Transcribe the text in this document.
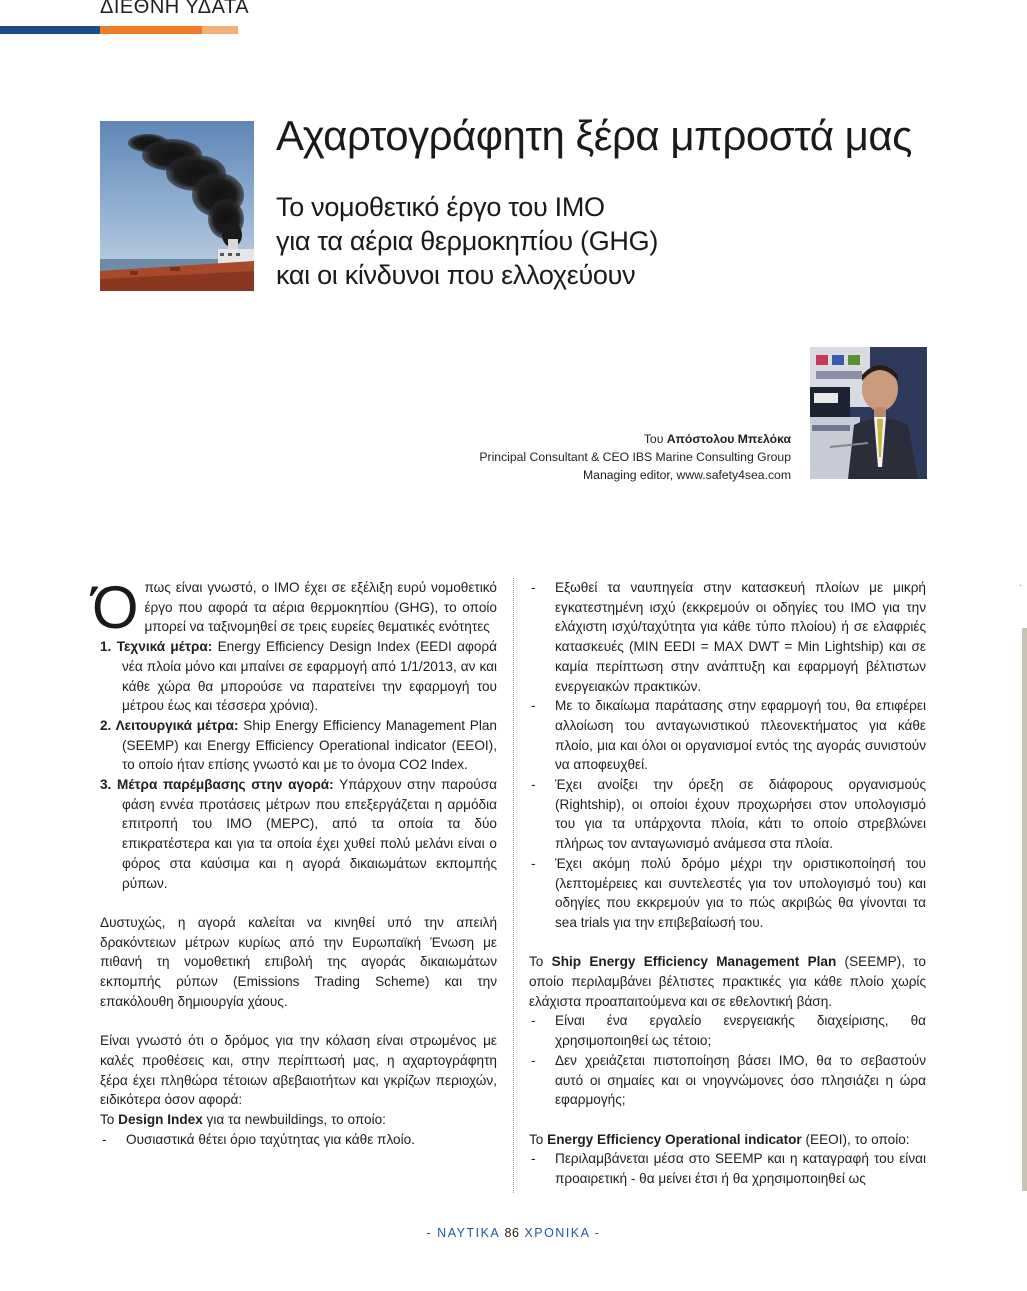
ΔΙΕΘΝΗ ΥΔΑΤΑ
Αχαρτογράφητη ξέρα μπροστά μας
Το νομοθετικό έργο του ΙΜΟ
για τα αέρια θερμοκηπίου (GHG)
και οι κίνδυνοι που ελλοχεύουν
Του Απόστολου Μπελόκα
Principal Consultant & CEO IBS Marine Consulting Group
Managing editor, www.safety4sea.com

Όπως είναι γνωστό, ο ΙΜΟ έχει σε εξέλιξη ευρύ νομοθετικό έργο που αφορά τα αέρια θερμοκηπίου (GHG), το οποίο μπορεί να ταξινομηθεί σε τρεις ευρείες θεματικές ενότητες

1. Τεχνικά μέτρα: Energy Efficiency Design Index (EEDI αφορά νέα πλοία μόνο και μπαίνει σε εφαρμογή από 1/1/2013, αν και κάθε χώρα θα μπορούσε να παρατείνει την εφαρμογή του μέτρου έως και τέσσερα χρόνια).
2. Λειτουργικά μέτρα: Ship Energy Efficiency Management Plan (SEEMP) και Energy Efficiency Operational indicator (EEOI), το οποίο ήταν επίσης γνωστό και με το όνομα CO2 Index.
3. Μέτρα παρέμβασης στην αγορά: Υπάρχουν στην παρούσα φάση εννέα προτάσεις μέτρων που επεξεργάζεται η αρμόδια επιτροπή του ΙΜΟ (MEPC), από τα οποία τα δύο επικρατέστερα και για τα οποία έχει χυθεί πολύ μελάνι είναι ο φόρος στα καύσιμα και η αγορά δικαιωμάτων εκπομπής ρύπων.

Δυστυχώς, η αγορά καλείται να κινηθεί υπό την απειλή δρακόντειων μέτρων κυρίως από την Ευρωπαϊκή Ένωση με πιθανή τη νομοθετική επιβολή της αγοράς δικαιωμάτων εκπομπής ρύπων (Emissions Trading Scheme) και την επακόλουθη δημιουργία χάους.

Είναι γνωστό ότι ο δρόμος για την κόλαση είναι στρωμένος με καλές προθέσεις και, στην περίπτωσή μας, η αχαρτογράφητη ξέρα έχει πληθώρα τέτοιων αβεβαιοτήτων και γκρίζων περιοχών, ειδικότερα όσον αφορά:

Το Design Index για τα newbuildings, το οποίο:

- Ουσιαστικά θέτει όριο ταχύτητας για κάθε πλοίο.
- Εξωθεί τα ναυπηγεία στην κατασκευή πλοίων με μικρή εγκατεστημένη ισχύ (εκκρεμούν οι οδηγίες του ΙΜΟ για την ελάχιστη ισχύ/ταχύτητα για κάθε τύπο πλοίου) ή σε ελαφριές κατασκευές (MIN EEDI = MAX DWT = Min Lightship) και σε καμία περίπτωση στην ανάπτυξη και εφαρμογή βέλτιστων ενεργειακών πρακτικών.
- Με το δικαίωμα παράτασης στην εφαρμογή του, θα επιφέρει αλλοίωση του ανταγωνιστικού πλεονεκτήματος για κάθε πλοίο, μια και όλοι οι οργανισμοί εντός της αγοράς συνιστούν να αποφευχθεί.
- Έχει ανοίξει την όρεξη σε διάφορους οργανισμούς (Rightship), οι οποίοι έχουν προχωρήσει στον υπολογισμό του για τα υπάρχοντα πλοία, κάτι το οποίο στρεβλώνει πλήρως τον ανταγωνισμό ανάμεσα στα πλοία.
- Έχει ακόμη πολύ δρόμο μέχρι την οριστικοποίησή του (λεπτομέρειες και συντελεστές για τον υπολογισμό του) και οδηγίες που εκκρεμούν για το πώς ακριβώς θα γίνονται τα sea trials για την επιβεβαίωσή του.

Το Ship Energy Efficiency Management Plan (SEEMP), το οποίο περιλαμβάνει βέλτιστες πρακτικές για κάθε πλοίο χωρίς ελάχιστα προαπαιτούμενα και σε εθελοντική βάση.

- Είναι ένα εργαλείο ενεργειακής διαχείρισης, θα χρησιμοποιηθεί ως τέτοιο;
- Δεν χρειάζεται πιστοποίηση βάσει ΙΜΟ, θα το σεβαστούν αυτό οι σημαίες και οι νηογνώμονες όσο πλησιάζει η ώρα εφαρμογής;

Το Energy Efficiency Operational indicator (EEOI), το οποίο:

- Περιλαμβάνεται μέσα στο SEEMP και η καταγραφή του είναι προαιρετική - θα μείνει έτσι ή θα χρησιμοποιηθεί ως
·
- ΝΑΥΤΙΚΑ 86 ΧΡΟΝΙΚΑ -
